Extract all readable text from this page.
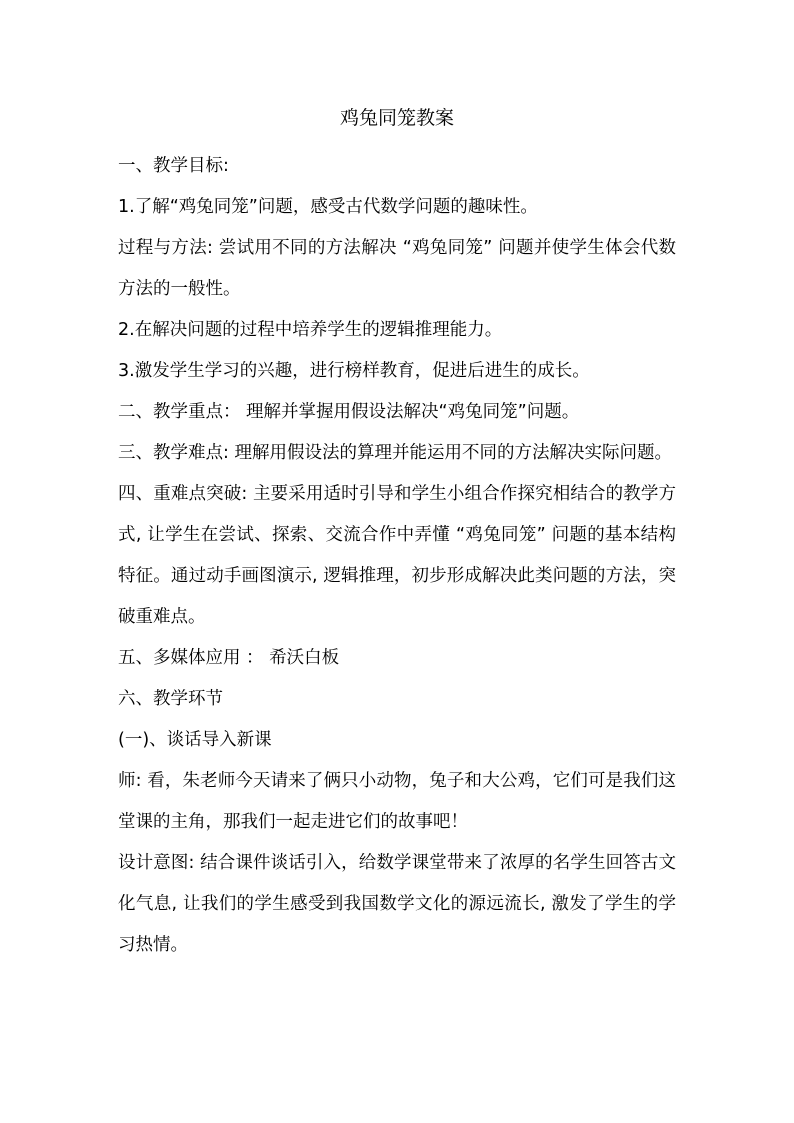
鸡兔同笼教案

一、教学目标:

1.了解“鸡兔同笼”问题，感受古代数学问题的趣味性。

过程与方法: 尝试用不同的方法解决 “鸡兔同笼” 问题并使学生体会代数方法的一般性。

2.在解决问题的过程中培养学生的逻辑推理能力。

3.激发学生学习的兴趣，进行榜样教育，促进后进生的成长。

二、教学重点： 理解并掌握用假设法解决“鸡兔同笼”问题。

三、教学难点: 理解用假设法的算理并能运用不同的方法解决实际问题。

四、重难点突破: 主要采用适时引导和学生小组合作探究相结合的教学方式, 让学生在尝试、探索、交流合作中弄懂 “鸡兔同笼” 问题的基本结构特征。通过动手画图演示, 逻辑推理，初步形成解决此类问题的方法，突破重难点。

五、多媒体应用 ： 希沃白板

六、教学环节

(一)、谈话导入新课

师: 看，朱老师今天请来了俩只小动物，兔子和大公鸡，它们可是我们这堂课的主角，那我们一起走进它们的故事吧！

设计意图: 结合课件谈话引入，给数学课堂带来了浓厚的名学生回答古文化气息, 让我们的学生感受到我国数学文化的源远流长, 激发了学生的学习热情。
